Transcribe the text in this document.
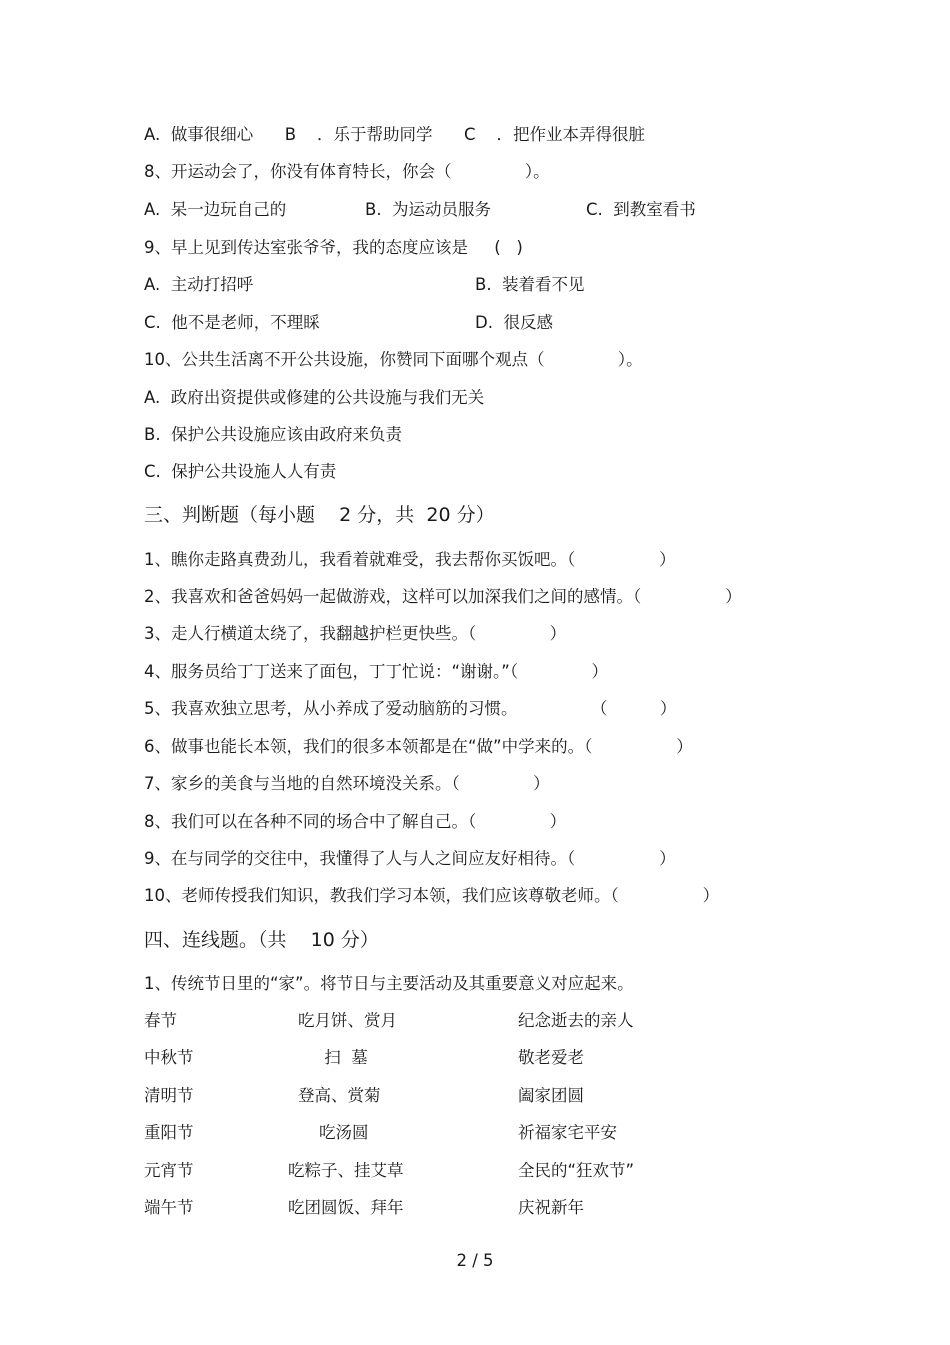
A.  做事很细心      B    ．乐于帮助同学      C    ．把作业本弄得很脏
8、开运动会了，你没有体育特长，你会（              ）。
A.  呆一边玩自己的	B.  为运动员服务	C.  到教室看书
9、早上见到传达室张爷爷，我的态度应该是     (   )
A.  主动打招呼	B.  装着看不见
C.  他不是老师，不理睬	D.  很反感
10、公共生活离不开公共设施，你赞同下面哪个观点（              ）。
A.  政府出资提供或修建的公共设施与我们无关
B.  保护公共设施应该由政府来负责
C.  保护公共设施人人有责
三、判断题（每小题    2 分，共  20 分）
1、瞧你走路真费劲儿，我看着就难受，我去帮你买饭吧。（                ）
2、我喜欢和爸爸妈妈一起做游戏，这样可以加深我们之间的感情。（                ）
3、走人行横道太绕了，我翻越护栏更快些。（              ）
4、服务员给丁丁送来了面包，丁丁忙说：“谢谢。”（              ）
5、我喜欢独立思考，从小养成了爱动脑筋的习惯。              （          ）
6、做事也能长本领，我们的很多本领都是在“做”中学来的。（                ）
7、家乡的美食与当地的自然环境没关系。（              ）
8、我们可以在各种不同的场合中了解自己。（              ）
9、在与同学的交往中，我懂得了人与人之间应友好相待。（                ）
10、老师传授我们知识，教我们学习本领，我们应该尊敬老师。（                ）
四、连线题。（共    10 分）
1、传统节日里的“家”。将节日与主要活动及其重要意义对应起来。
春节	吃月饼、赏月	纪念逝去的亲人
中秋节	扫  墓	敬老爱老
清明节	登高、赏菊	阖家团圆
重阳节	吃汤圆	祈福家宅平安
元宵节	吃粽子、挂艾草	全民的“狂欢节”
端午节	吃团圆饭、拜年	庆祝新年
2 / 5
